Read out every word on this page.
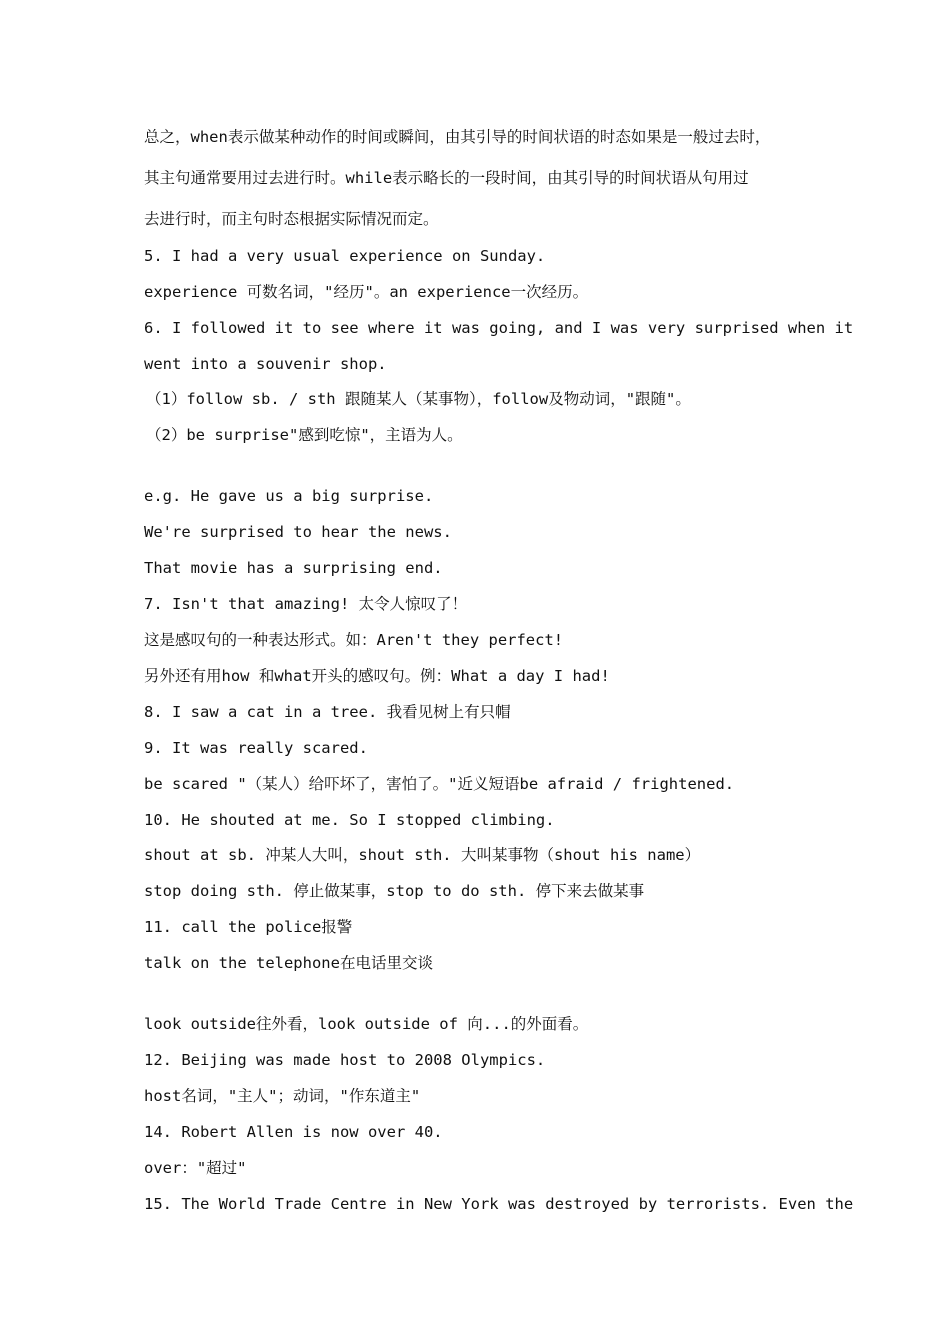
总之，when表示做某种动作的时间或瞬间，由其引导的时间状语的时态如果是一般过去时，
其主句通常要用过去进行时。while表示略长的一段时间，由其引导的时间状语从句用过
去进行时，而主句时态根据实际情况而定。
5. I had a very usual experience on Sunday.
experience 可数名词，"经历"。an experience一次经历。
6. I followed it to see where it was going, and I was very surprised when it
went into a souvenir shop.
（1）follow sb. / sth 跟随某人（某事物），follow及物动词，"跟随"。
（2）be surprise"感到吃惊"，主语为人。
e.g. He gave us a big surprise.
We're surprised to hear the news.
That movie has a surprising end.
7. Isn't that amazing! 太令人惊叹了！
这是感叹句的一种表达形式。如：Aren't they perfect!
另外还有用how 和what开头的感叹句。例：What a day I had!
8. I saw a cat in a tree. 我看见树上有只帽
9. It was really scared.
be scared "（某人）给吓坏了，害怕了。"近义短语be afraid / frightened.
10. He shouted at me. So I stopped climbing.
shout at sb. 冲某人大叫，shout sth. 大叫某事物（shout his name）
stop doing sth. 停止做某事，stop to do sth. 停下来去做某事
11. call the police报警
talk on the telephone在电话里交谈
look outside往外看，look outside of 向...的外面看。
12. Beijing was made host to 2008 Olympics.
host名词，"主人"；动词，"作东道主"
14. Robert Allen is now over 40.
over："超过"
15. The World Trade Centre in New York was destroyed by terrorists. Even the
